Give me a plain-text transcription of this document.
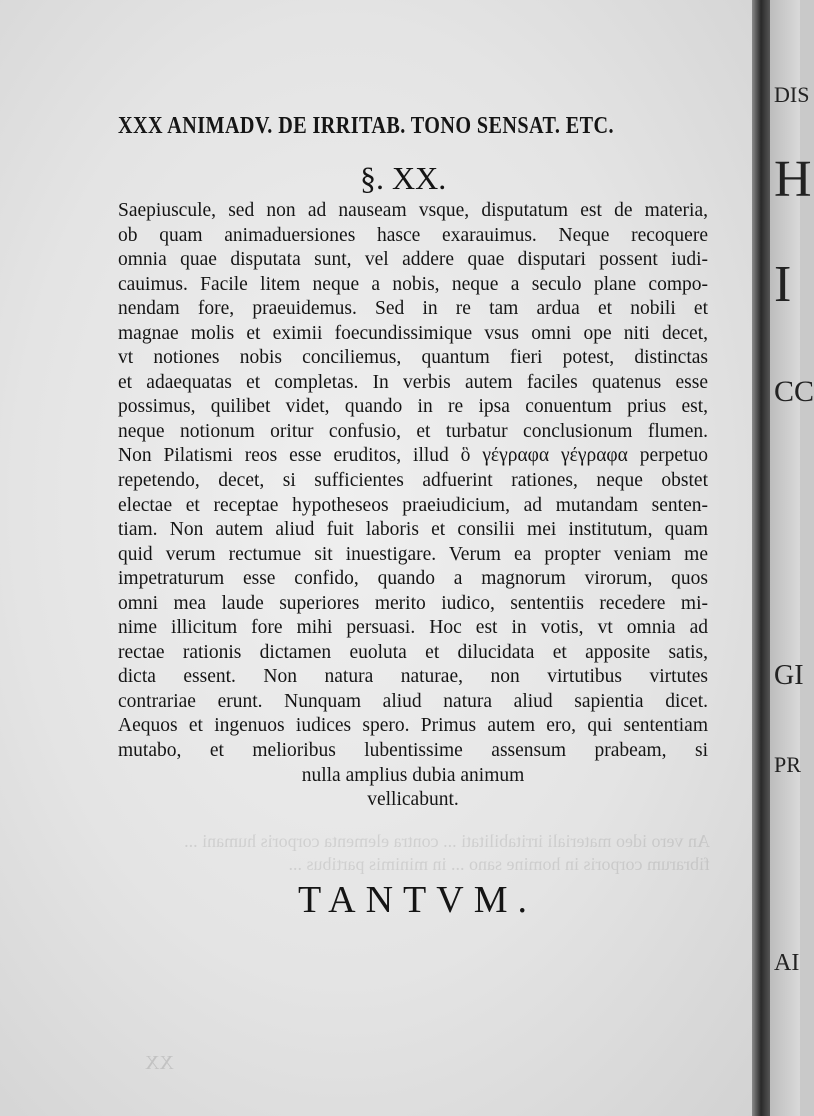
An vero ideo materiali irritabilitati ... contra elementa corporis humani ... fibrarum corporis in homine sano ... in minimis partibus ...
XXX ANIMADV. DE IRRITAB. TONO SENSAT. ETC.
§. XX.
Saepiuscule, sed non ad nauseam vsque, disputatum est de materia,
ob quam animaduersiones hasce exarauimus. Neque recoquere
omnia quae disputata sunt, vel addere quae disputari possent iudi-
cauimus. Facile litem neque a nobis, neque a seculo plane compo-
nendam fore, praeuidemus. Sed in re tam ardua et nobili et
magnae molis et eximii foecundissimique vsus omni ope niti decet,
vt notiones nobis conciliemus, quantum fieri potest, distinctas
et adaequatas et completas. In verbis autem faciles quatenus esse
possimus, quilibet videt, quando in re ipsa conuentum prius est,
neque notionum oritur confusio, et turbatur conclusionum flumen.
Non Pilatismi reos esse eruditos, illud ὃ γέγραφα γέγραφα perpetuo
repetendo, decet, si sufficientes adfuerint rationes, neque obstet
electae et receptae hypotheseos praeiudicium, ad mutandam senten-
tiam. Non autem aliud fuit laboris et consilii mei institutum, quam
quid verum rectumue sit inuestigare. Verum ea propter veniam me
impetraturum esse confido, quando a magnorum virorum, quos
omni mea laude superiores merito iudico, sententiis recedere mi-
nime illicitum fore mihi persuasi. Hoc est in votis, vt omnia ad
rectae rationis dictamen euoluta et dilucidata et apposite satis,
dicta essent. Non natura naturae, non virtutibus virtutes
contrariae erunt. Nunquam aliud natura aliud sapientia dicet.
Aequos et ingenuos iudices spero. Primus autem ero, qui sententiam
mutabo, et melioribus lubentissime assensum prabeam, si
nulla amplius dubia animum
vellicabunt.
TANTVM.
XX
DIS
H
I
CC
GI
PR
AI
